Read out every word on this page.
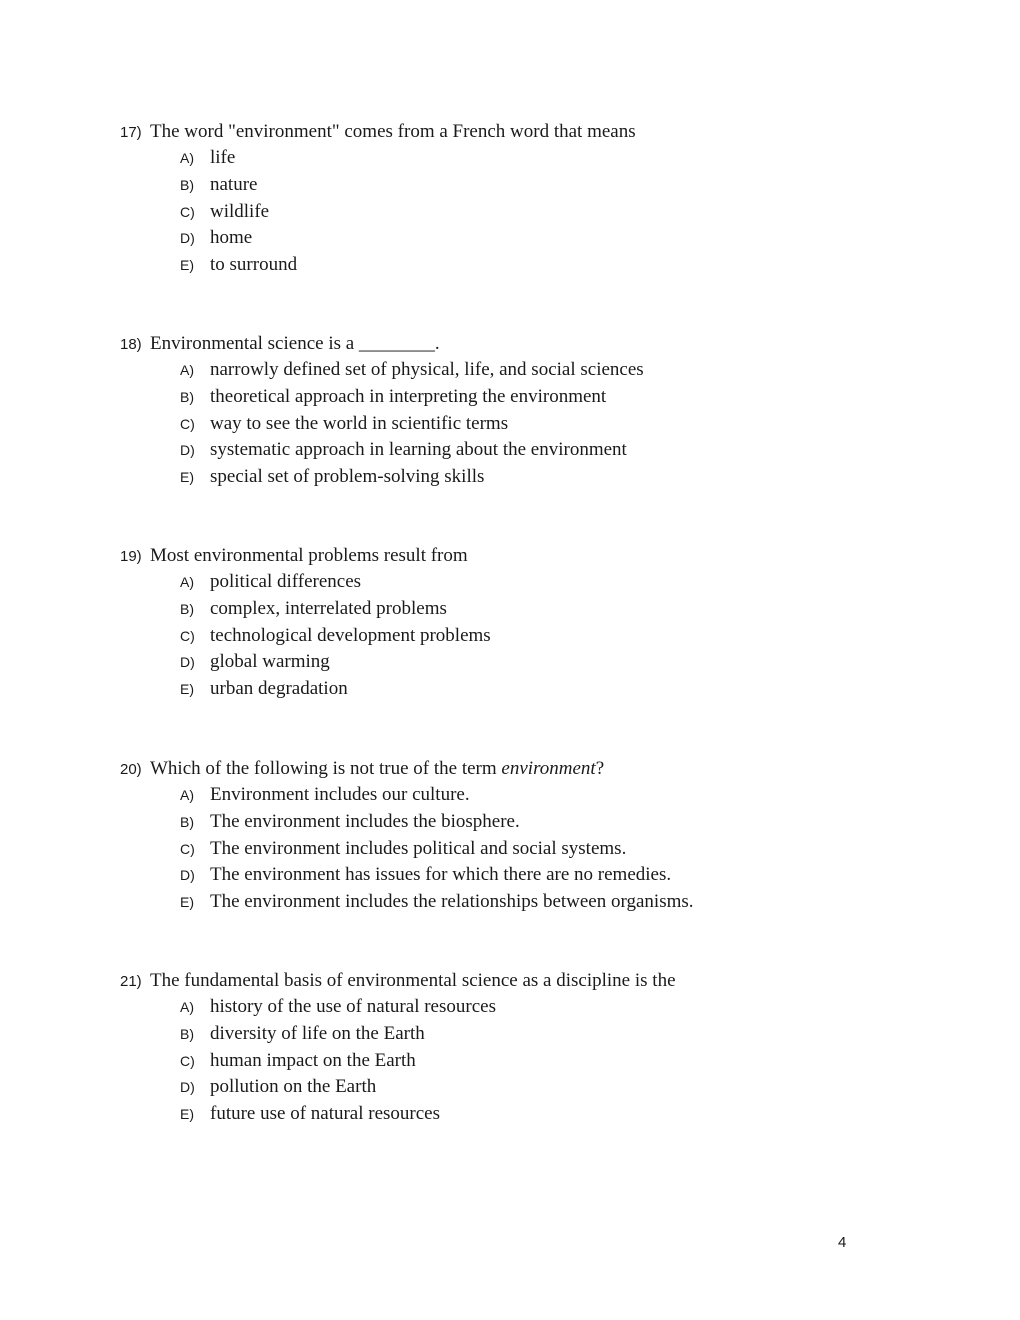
17) The word "environment" comes from a French word that means
A) life
B) nature
C) wildlife
D) home
E) to surround
18) Environmental science is a ________.
A) narrowly defined set of physical, life, and social sciences
B) theoretical approach in interpreting the environment
C) way to see the world in scientific terms
D) systematic approach in learning about the environment
E) special set of problem-solving skills
19) Most environmental problems result from
A) political differences
B) complex, interrelated problems
C) technological development problems
D) global warming
E) urban degradation
20) Which of the following is not true of the term environment?
A) Environment includes our culture.
B) The environment includes the biosphere.
C) The environment includes political and social systems.
D) The environment has issues for which there are no remedies.
E) The environment includes the relationships between organisms.
21) The fundamental basis of environmental science as a discipline is the
A) history of the use of natural resources
B) diversity of life on the Earth
C) human impact on the Earth
D) pollution on the Earth
E) future use of natural resources
4
